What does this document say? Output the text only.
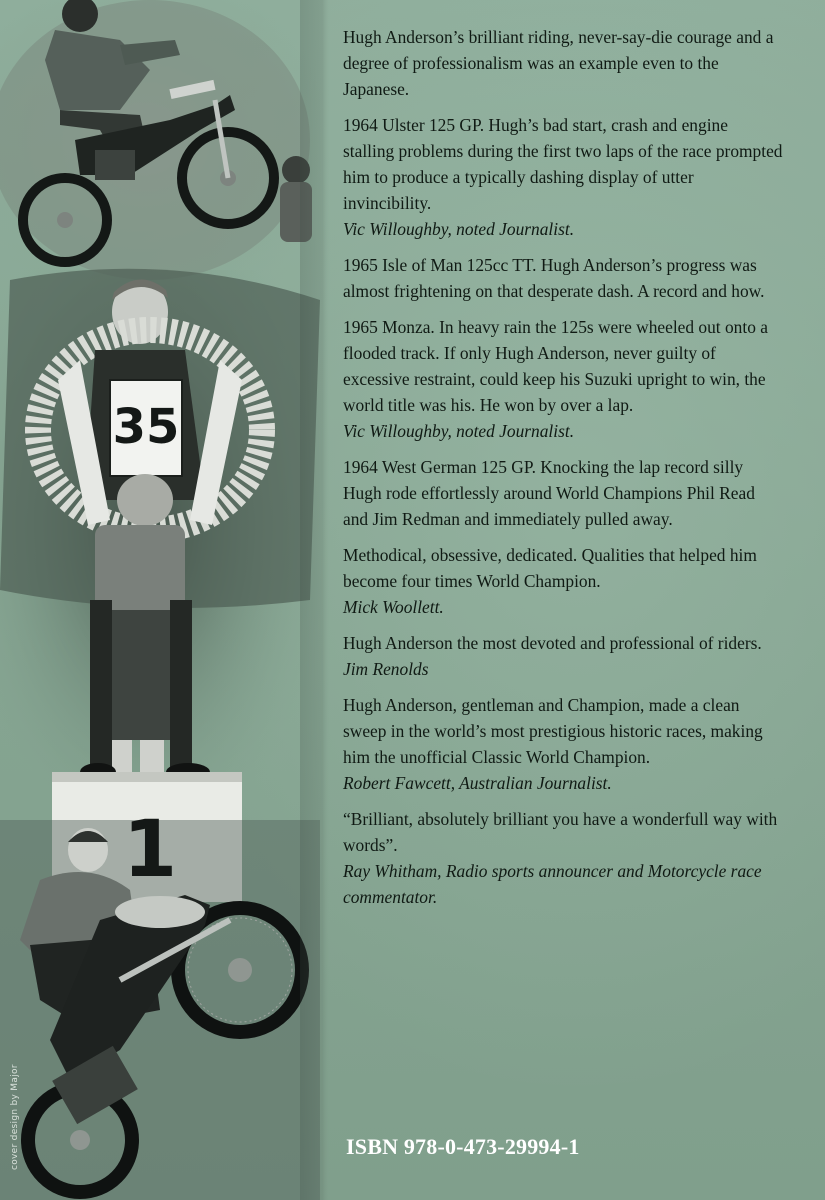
35
1
cover design by Major

Hugh Anderson’s brilliant riding, never-say-die courage and a degree of professionalism was an example even to the Japanese.

1964 Ulster 125 GP. Hugh’s bad start, crash and engine stalling problems during the first two laps of the race prompted him to produce a typically dashing display of utter invincibility.
Vic Willoughby, noted Journalist.

1965 Isle of Man 125cc TT. Hugh Anderson’s progress was almost frightening on that desperate dash. A record and how.

1965 Monza. In heavy rain the 125s were wheeled out onto a flooded track. If only Hugh Anderson, never guilty of excessive restraint, could keep his Suzuki upright to win, the world title was his. He won by over a lap.
Vic Willoughby, noted Journalist.

1964 West German 125 GP. Knocking the lap record silly Hugh rode effortlessly around World Champions Phil Read and Jim Redman and immediately pulled away.

Methodical, obsessive, dedicated. Qualities that helped him become four times World Champion.
Mick Woollett.

Hugh Anderson the most devoted and professional of riders.
Jim Renolds

Hugh Anderson, gentleman and Champion, made a clean sweep in the world’s most prestigious historic races, making him the unofficial Classic World Champion.
Robert Fawcett, Australian Journalist.

“Brilliant, absolutely brilliant you have a wonderfull way with words”.
Ray Whitham, Radio sports announcer and Motorcycle race commentator.

ISBN 978-0-473-29994-1
